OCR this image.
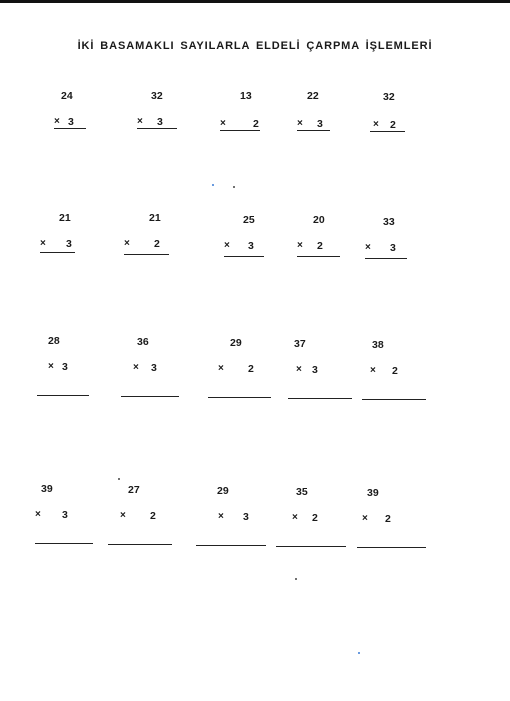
İKİ BASAMAKLI SAYILARLA ELDELİ ÇARPMA İŞLEMLERİ
24
× 3
32
× 3
13
×	2
22
× 3
32
× 2
21
× 3
21
× 2
25
× 3
20
× 2
33
× 3
28
× 3
36
× 3
29
× 2
37
× 3
38
× 2
39
× 3
27
× 2
29
× 3
35
× 2
39
× 2
